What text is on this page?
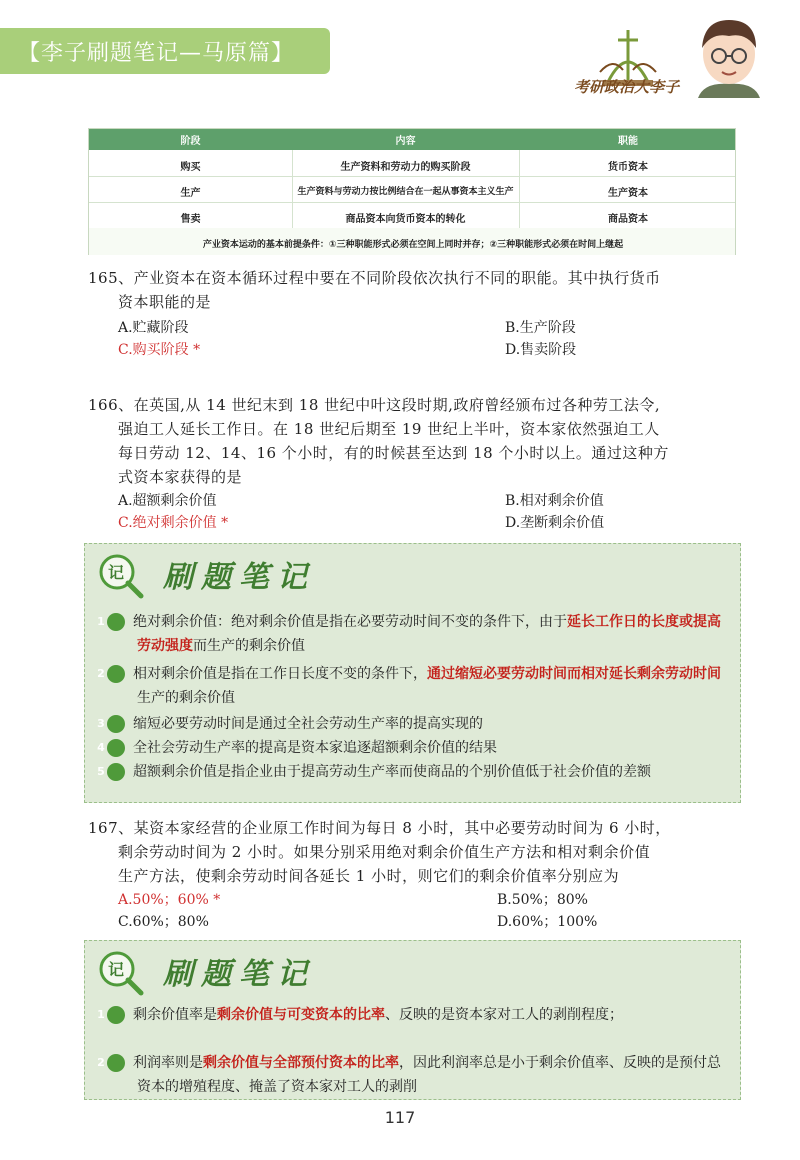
【李子刷题笔记—马原篇】
考研政治大李子
阶段	内容	职能
购买	生产资料和劳动力的购买阶段	货币资本
生产	生产资料与劳动力按比例结合在一起从事资本主义生产	生产资本
售卖	商品资本向货币资本的转化	商品资本
产业资本运动的基本前提条件：①三种职能形式必须在空间上同时并存；②三种职能形式必须在时间上继起
165、产业资本在资本循环过程中要在不同阶段依次执行不同的职能。其中执行货币
资本职能的是
A.贮藏阶段	B.生产阶段
C.购买阶段 *	D.售卖阶段
166、在英国,从 14 世纪末到 18 世纪中叶这段时期,政府曾经颁布过各种劳工法令,
强迫工人延长工作日。在 18 世纪后期至 19 世纪上半叶，资本家依然强迫工人
每日劳动 12、14、16 个小时，有的时候甚至达到 18 个小时以上。通过这种方
式资本家获得的是
A.超额剩余价值	B.相对剩余价值
C.绝对剩余价值 *	D.垄断剩余价值
记 刷题笔记
1 绝对剩余价值：绝对剩余价值是指在必要劳动时间不变的条件下，由于延长工作日的长度或提高劳动强度而生产的剩余价值
2 相对剩余价值是指在工作日长度不变的条件下，通过缩短必要劳动时间而相对延长剩余劳动时间生产的剩余价值
3 缩短必要劳动时间是通过全社会劳动生产率的提高实现的
4 全社会劳动生产率的提高是资本家追逐超额剩余价值的结果
5 超额剩余价值是指企业由于提高劳动生产率而使商品的个别价值低于社会价值的差额
167、某资本家经营的企业原工作时间为每日 8 小时，其中必要劳动时间为 6 小时，
剩余劳动时间为 2 小时。如果分别采用绝对剩余价值生产方法和相对剩余价值
生产方法，使剩余劳动时间各延长 1 小时，则它们的剩余价值率分别应为
A.50%；60% *	B.50%；80%
C.60%；80%	D.60%；100%
记 刷题笔记
1 剩余价值率是剩余价值与可变资本的比率、反映的是资本家对工人的剥削程度；
2 利润率则是剩余价值与全部预付资本的比率，因此利润率总是小于剩余价值率、反映的是预付总资本的增殖程度、掩盖了资本家对工人的剥削
117
